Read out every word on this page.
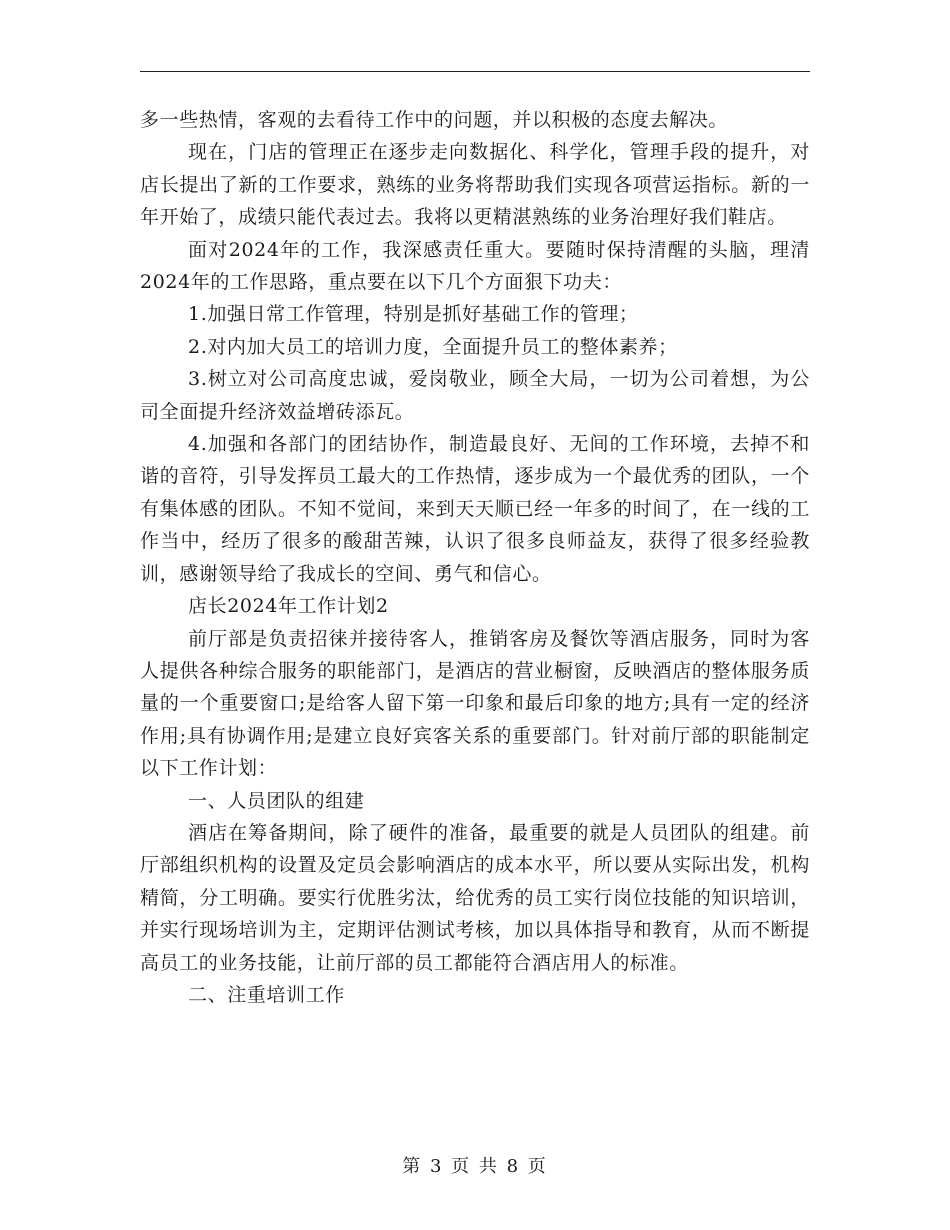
多一些热情，客观的去看待工作中的问题，并以积极的态度去解决。

现在，门店的管理正在逐步走向数据化、科学化，管理手段的提升，对店长提出了新的工作要求，熟练的业务将帮助我们实现各项营运指标。新的一年开始了，成绩只能代表过去。我将以更精湛熟练的业务治理好我们鞋店。

面对2024年的工作，我深感责任重大。要随时保持清醒的头脑，理清2024年的工作思路，重点要在以下几个方面狠下功夫：

1.加强日常工作管理，特别是抓好基础工作的管理；

2.对内加大员工的培训力度，全面提升员工的整体素养；

3.树立对公司高度忠诚，爱岗敬业，顾全大局，一切为公司着想，为公司全面提升经济效益增砖添瓦。

4.加强和各部门的团结协作，制造最良好、无间的工作环境，去掉不和谐的音符，引导发挥员工最大的工作热情，逐步成为一个最优秀的团队，一个有集体感的团队。不知不觉间，来到天天顺已经一年多的时间了，在一线的工作当中，经历了很多的酸甜苦辣，认识了很多良师益友，获得了很多经验教训，感谢领导给了我成长的空间、勇气和信心。

店长2024年工作计划2

前厅部是负责招徕并接待客人，推销客房及餐饮等酒店服务，同时为客人提供各种综合服务的职能部门，是酒店的营业橱窗，反映酒店的整体服务质量的一个重要窗口;是给客人留下第一印象和最后印象的地方;具有一定的经济作用;具有协调作用;是建立良好宾客关系的重要部门。针对前厅部的职能制定以下工作计划：

一、人员团队的组建

酒店在筹备期间，除了硬件的准备，最重要的就是人员团队的组建。前厅部组织机构的设置及定员会影响酒店的成本水平，所以要从实际出发，机构精简，分工明确。要实行优胜劣汰，给优秀的员工实行岗位技能的知识培训，并实行现场培训为主，定期评估测试考核，加以具体指导和教育，从而不断提高员工的业务技能，让前厅部的员工都能符合酒店用人的标准。

二、注重培训工作

第 3 页 共 8 页
